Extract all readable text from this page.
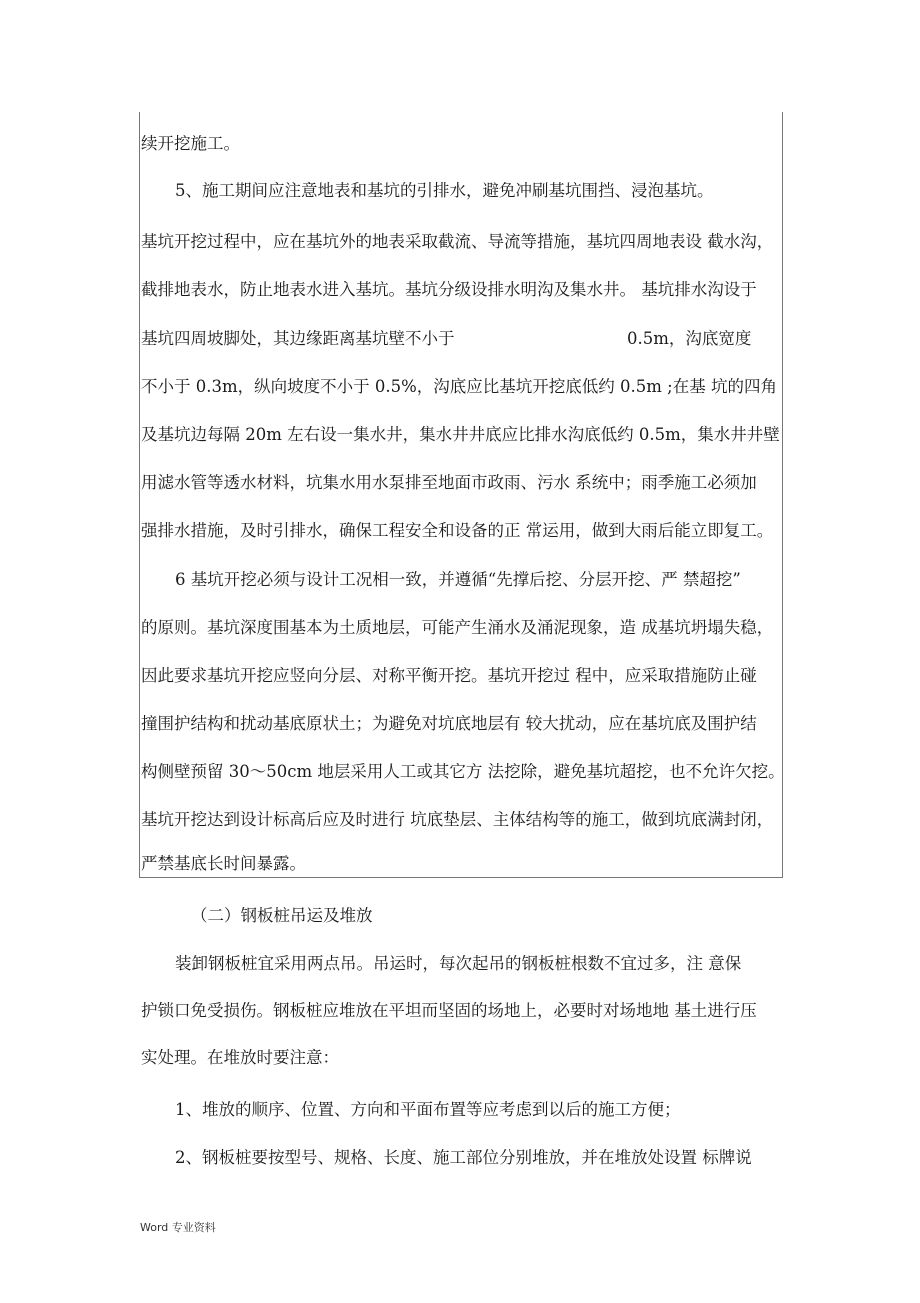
续开挖施工。
5、施工期间应注意地表和基坑的引排水，避免冲刷基坑围挡、浸泡基坑。
基坑开挖过程中，应在基坑外的地表采取截流、导流等措施，基坑四周地表设 截水沟，
截排地表水，防止地表水进入基坑。基坑分级设排水明沟及集水井。 基坑排水沟设于
基坑四周坡脚处，其边缘距离基坑壁不小于	0.5m，沟底宽度
不小于 0.3m，纵向坡度不小于 0.5%，沟底应比基坑开挖底低约 0.5m ;在基 坑的四角
及基坑边每隔 20m 左右设一集水井，集水井井底应比排水沟底低约 0.5m，集水井井壁
用滤水管等透水材料，坑集水用水泵排至地面市政雨、污水 系统中；雨季施工必须加
强排水措施，及时引排水，确保工程安全和设备的正 常运用，做到大雨后能立即复工。
6 基坑开挖必须与设计工况相一致，并遵循“先撑后挖、分层开挖、严 禁超挖”
的原则。基坑深度围基本为土质地层，可能产生涌水及涌泥现象，造 成基坑坍塌失稳，
因此要求基坑开挖应竖向分层、对称平衡开挖。基坑开挖过 程中，应采取措施防止碰
撞围护结构和扰动基底原状土；为避免对坑底地层有 较大扰动，应在基坑底及围护结
构侧壁预留 30～50cm 地层采用人工或其它方 法挖除，避免基坑超挖，也不允许欠挖。
基坑开挖达到设计标高后应及时进行 坑底垫层、主体结构等的施工，做到坑底满封闭，
严禁基底长时间暴露。
（二）钢板桩吊运及堆放
装卸钢板桩宜采用两点吊。吊运时，每次起吊的钢板桩根数不宜过多，注 意保
护锁口免受损伤。钢板桩应堆放在平坦而坚固的场地上，必要时对场地地 基土进行压
实处理。在堆放时要注意：
1、堆放的顺序、位置、方向和平面布置等应考虑到以后的施工方便；
2、钢板桩要按型号、规格、长度、施工部位分别堆放，并在堆放处设置 标牌说
Word 专业资料
